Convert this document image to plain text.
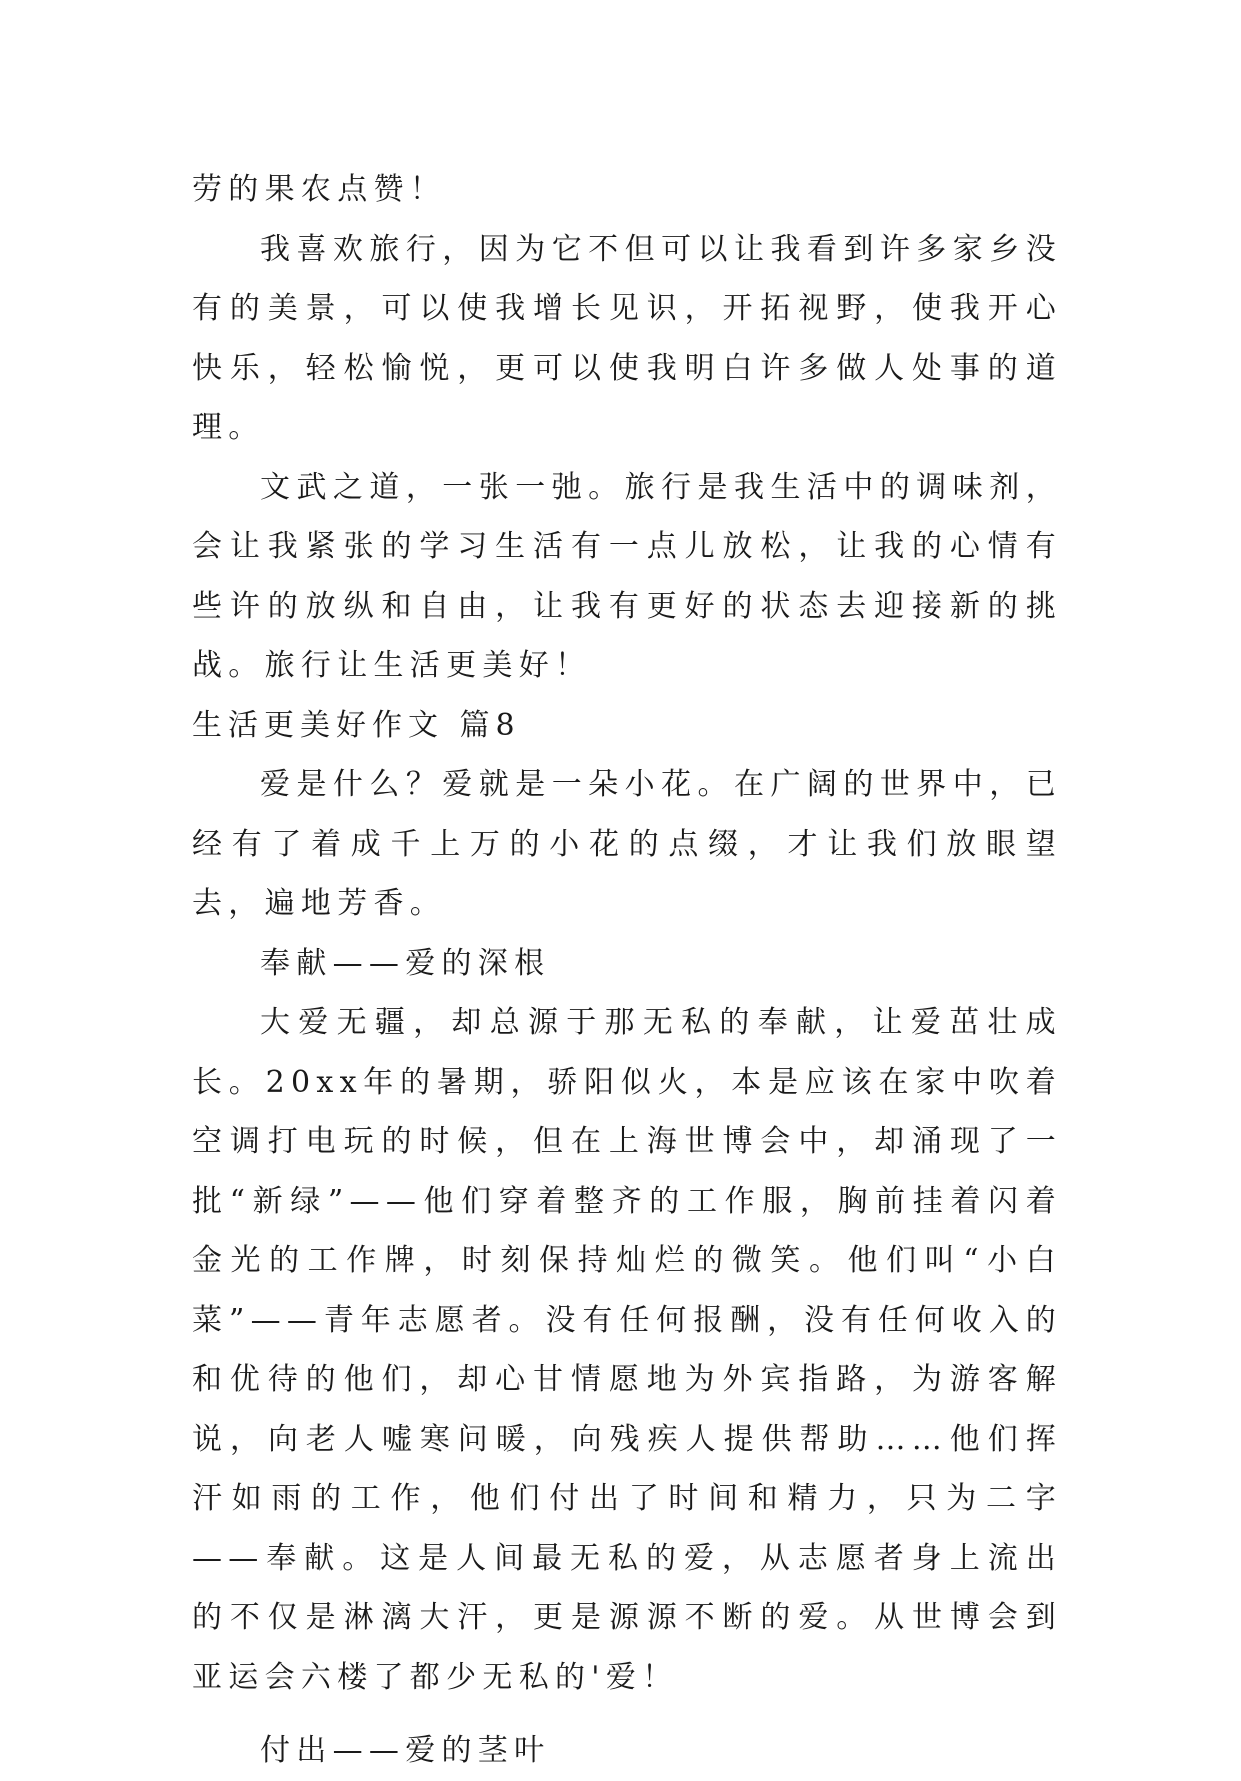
劳的果农点赞！

我喜欢旅行，因为它不但可以让我看到许多家乡没有的美景，可以使我增长见识，开拓视野，使我开心快乐，轻松愉悦，更可以使我明白许多做人处事的道理。

文武之道，一张一弛。旅行是我生活中的调味剂，会让我紧张的学习生活有一点儿放松，让我的心情有些许的放纵和自由，让我有更好的状态去迎接新的挑战。旅行让生活更美好！

生活更美好作文 篇8

爱是什么？爱就是一朵小花。在广阔的世界中，已经有了着成千上万的小花的点缀，才让我们放眼望去，遍地芳香。

奉献——爱的深根

大爱无疆，却总源于那无私的奉献，让爱茁壮成长。20xx年的暑期，骄阳似火，本是应该在家中吹着空调打电玩的时候，但在上海世博会中，却涌现了一批“新绿”——他们穿着整齐的工作服，胸前挂着闪着金光的工作牌，时刻保持灿烂的微笑。他们叫“小白菜”——青年志愿者。没有任何报酬，没有任何收入的和优待的他们，却心甘情愿地为外宾指路，为游客解说，向老人嘘寒问暖，向残疾人提供帮助……他们挥汗如雨的工作，他们付出了时间和精力，只为二字——奉献。这是人间最无私的爱，从志愿者身上流出的不仅是淋漓大汗，更是源源不断的爱。从世博会到亚运会六楼了都少无私的'爱！

付出——爱的茎叶
